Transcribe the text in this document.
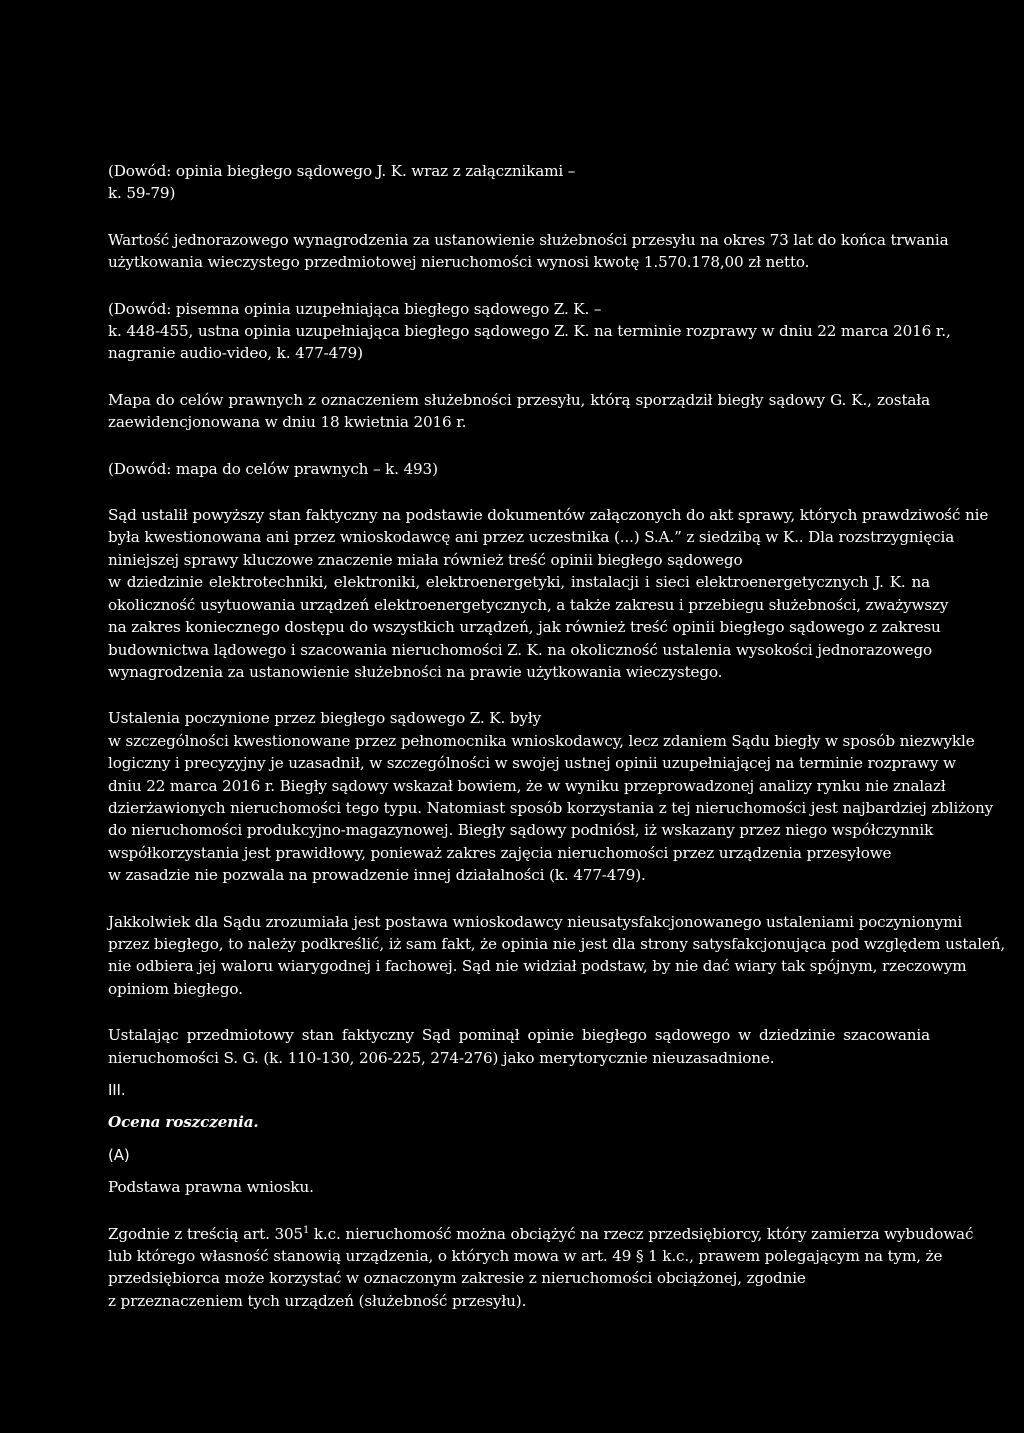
(Dowód: opinia biegłego sądowego J. K. wraz z załącznikami –
k. 59-79)

Wartość jednorazowego wynagrodzenia za ustanowienie służebności przesyłu na okres 73 lat do końca trwania
użytkowania wieczystego przedmiotowej nieruchomości wynosi kwotę 1.570.178,00 zł netto.

(Dowód: pisemna opinia uzupełniająca biegłego sądowego Z. K. –
k. 448-455, ustna opinia uzupełniająca biegłego sądowego Z. K. na terminie rozprawy w dniu 22 marca 2016 r.,
nagranie audio-video, k. 477-479)

Mapa do celów prawnych z oznaczeniem służebności przesyłu, którą sporządził biegły sądowy G. K., została
zaewidencjonowana w dniu 18 kwietnia 2016 r.

(Dowód: mapa do celów prawnych – k. 493)

Sąd ustalił powyższy stan faktyczny na podstawie dokumentów załączonych do akt sprawy, których prawdziwość nie
była kwestionowana ani przez wnioskodawcę ani przez uczestnika (...) S.A.” z siedzibą w K.. Dla rozstrzygnięcia
niniejszej sprawy kluczowe znaczenie miała również treść opinii biegłego sądowego
w dziedzinie elektrotechniki, elektroniki, elektroenergetyki, instalacji i sieci elektroenergetycznych J. K. na
okoliczność usytuowania urządzeń elektroenergetycznych, a także zakresu i przebiegu służebności, zważywszy
na zakres koniecznego dostępu do wszystkich urządzeń, jak również treść opinii biegłego sądowego z zakresu
budownictwa lądowego i szacowania nieruchomości Z. K. na okoliczność ustalenia wysokości jednorazowego
wynagrodzenia za ustanowienie służebności na prawie użytkowania wieczystego.

Ustalenia poczynione przez biegłego sądowego Z. K. były
w szczególności kwestionowane przez pełnomocnika wnioskodawcy, lecz zdaniem Sądu biegły w sposób niezwykle
logiczny i precyzyjny je uzasadnił, w szczególności w swojej ustnej opinii uzupełniającej na terminie rozprawy w
dniu 22 marca 2016 r. Biegły sądowy wskazał bowiem, że w wyniku przeprowadzonej analizy rynku nie znalazł
dzierżawionych nieruchomości tego typu. Natomiast sposób korzystania z tej nieruchomości jest najbardziej zbliżony
do nieruchomości produkcyjno-magazynowej. Biegły sądowy podniósł, iż wskazany przez niego współczynnik
współkorzystania jest prawidłowy, ponieważ zakres zajęcia nieruchomości przez urządzenia przesyłowe
w zasadzie nie pozwala na prowadzenie innej działalności (k. 477-479).

Jakkolwiek dla Sądu zrozumiała jest postawa wnioskodawcy nieusatysfakcjonowanego ustaleniami poczynionymi
przez biegłego, to należy podkreślić, iż sam fakt, że opinia nie jest dla strony satysfakcjonująca pod względem ustaleń,
nie odbiera jej waloru wiarygodnej i fachowej. Sąd nie widział podstaw, by nie dać wiary tak spójnym, rzeczowym
opiniom biegłego.

Ustalając przedmiotowy stan faktyczny Sąd pominął opinie biegłego sądowego w dziedzinie szacowania
nieruchomości S. G. (k. 110-130, 206-225, 274-276) jako merytorycznie nieuzasadnione.

III.

Ocena roszczenia.

(A)

Podstawa prawna wniosku.

Zgodnie z treścią art. $305^1$ k.c. nieruchomość można obciążyć na rzecz przedsiębiorcy, który zamierza wybudować
lub którego własność stanowią urządzenia, o których mowa w art. 49 § 1 k.c., prawem polegającym na tym, że
przedsiębiorca może korzystać w oznaczonym zakresie z nieruchomości obciążonej, zgodnie
z przeznaczeniem tych urządzeń (służebność przesyłu).
